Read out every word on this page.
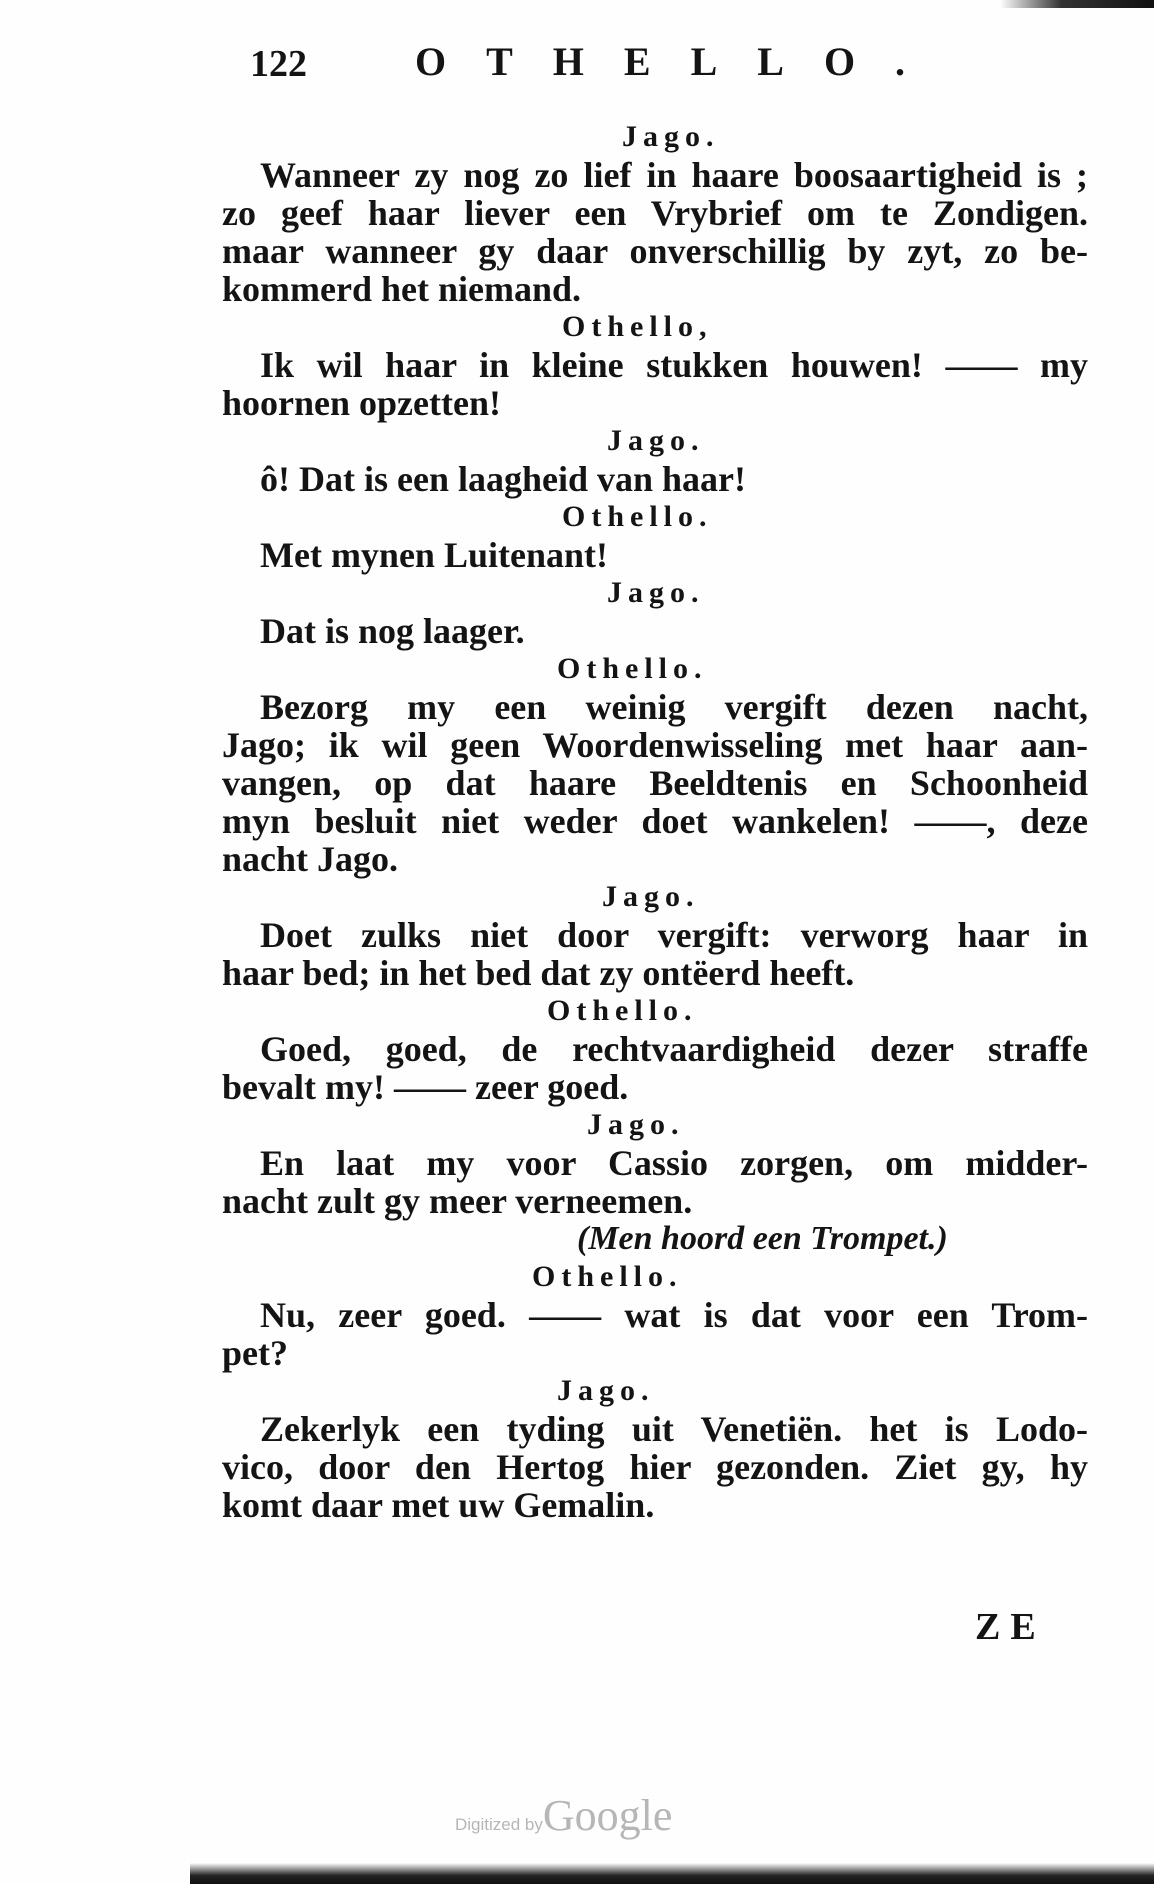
122	OTHELLO.
Jago.
Wanneer zy nog zo lief in haare boosaartigheid is ;
zo geef haar liever een Vrybrief om te Zondigen.
maar wanneer gy daar onverschillig by zyt, zo be-
kommerd het niemand.
Othello,
Ik wil haar in kleine stukken houwen! —— my
hoornen opzetten!
Jago.
ô! Dat is een laagheid van haar!
Othello.
Met mynen Luitenant!
Jago.
Dat is nog laager.
Othello.
Bezorg my een weinig vergift dezen nacht,
Jago; ik wil geen Woordenwisseling met haar aan-
vangen, op dat haare Beeldtenis en Schoonheid
myn besluit niet weder doet wankelen! ——, deze
nacht Jago.
Jago.
Doet zulks niet door vergift: verworg haar in
haar bed; in het bed dat zy ontëerd heeft.
Othello.
Goed, goed, de rechtvaardigheid dezer straffe
bevalt my! —— zeer goed.
Jago.
En laat my voor Cassio zorgen, om midder-
nacht zult gy meer verneemen.
(Men hoord een Trompet.)
Othello.
Nu, zeer goed. —— wat is dat voor een Trom-
pet?
Jago.
Zekerlyk een tyding uit Venetiën. het is Lodo-
vico, door den Hertog hier gezonden. Ziet gy, hy
komt daar met uw Gemalin.
ZE
Digitized byGoogle
